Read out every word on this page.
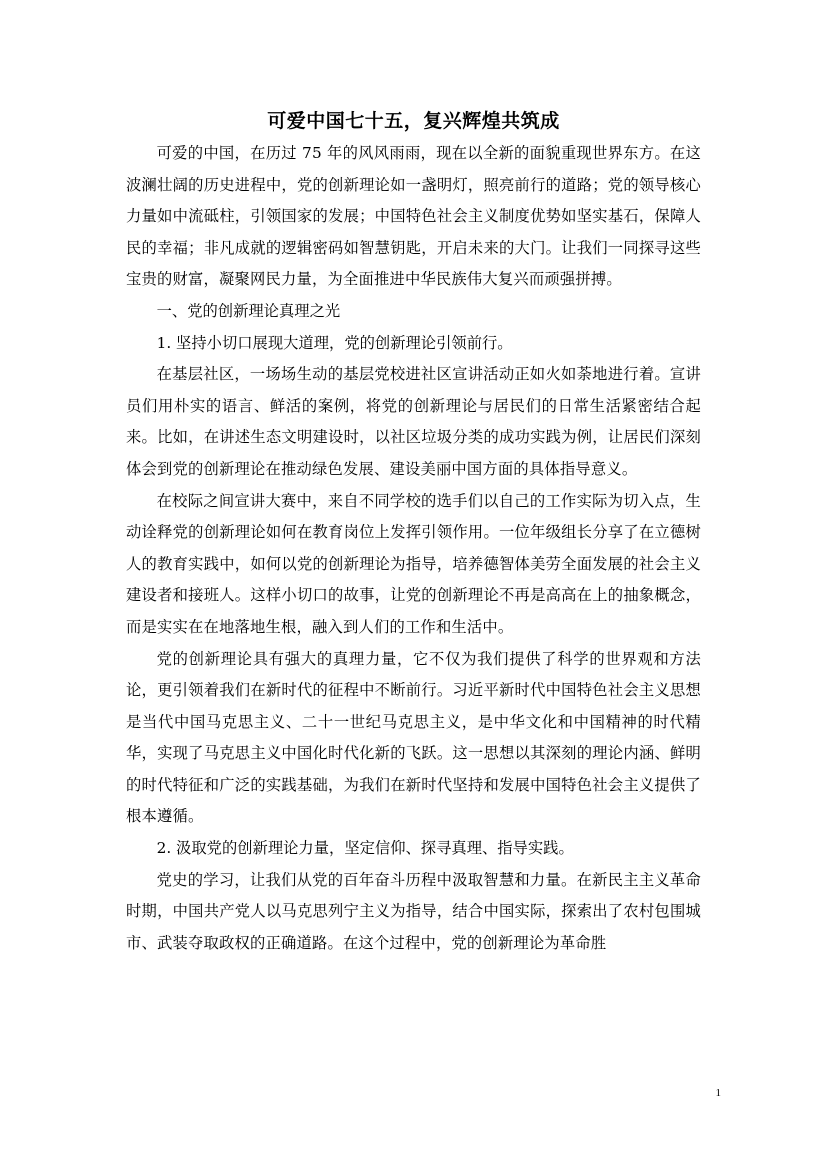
可爱中国七十五，复兴辉煌共筑成

可爱的中国，在历过 75 年的风风雨雨，现在以全新的面貌重现世界东方。在这波澜壮阔的历史进程中，党的创新理论如一盏明灯，照亮前行的道路；党的领导核心力量如中流砥柱，引领国家的发展；中国特色社会主义制度优势如坚实基石，保障人民的幸福；非凡成就的逻辑密码如智慧钥匙，开启未来的大门。让我们一同探寻这些宝贵的财富，凝聚网民力量，为全面推进中华民族伟大复兴而顽强拼搏。

一、党的创新理论真理之光

1. 坚持小切口展现大道理，党的创新理论引领前行。

在基层社区，一场场生动的基层党校进社区宣讲活动正如火如荼地进行着。宣讲员们用朴实的语言、鲜活的案例，将党的创新理论与居民们的日常生活紧密结合起来。比如，在讲述生态文明建设时，以社区垃圾分类的成功实践为例，让居民们深刻体会到党的创新理论在推动绿色发展、建设美丽中国方面的具体指导意义。

在校际之间宣讲大赛中，来自不同学校的选手们以自己的工作实际为切入点，生动诠释党的创新理论如何在教育岗位上发挥引领作用。一位年级组长分享了在立德树人的教育实践中，如何以党的创新理论为指导，培养德智体美劳全面发展的社会主义建设者和接班人。这样小切口的故事，让党的创新理论不再是高高在上的抽象概念，而是实实在在地落地生根，融入到人们的工作和生活中。

党的创新理论具有强大的真理力量，它不仅为我们提供了科学的世界观和方法论，更引领着我们在新时代的征程中不断前行。习近平新时代中国特色社会主义思想是当代中国马克思主义、二十一世纪马克思主义，是中华文化和中国精神的时代精华，实现了马克思主义中国化时代化新的飞跃。这一思想以其深刻的理论内涵、鲜明的时代特征和广泛的实践基础，为我们在新时代坚持和发展中国特色社会主义提供了根本遵循。

2. 汲取党的创新理论力量，坚定信仰、探寻真理、指导实践。

党史的学习，让我们从党的百年奋斗历程中汲取智慧和力量。在新民主主义革命时期，中国共产党人以马克思列宁主义为指导，结合中国实际，探索出了农村包围城市、武装夺取政权的正确道路。在这个过程中，党的创新理论为革命胜

1
